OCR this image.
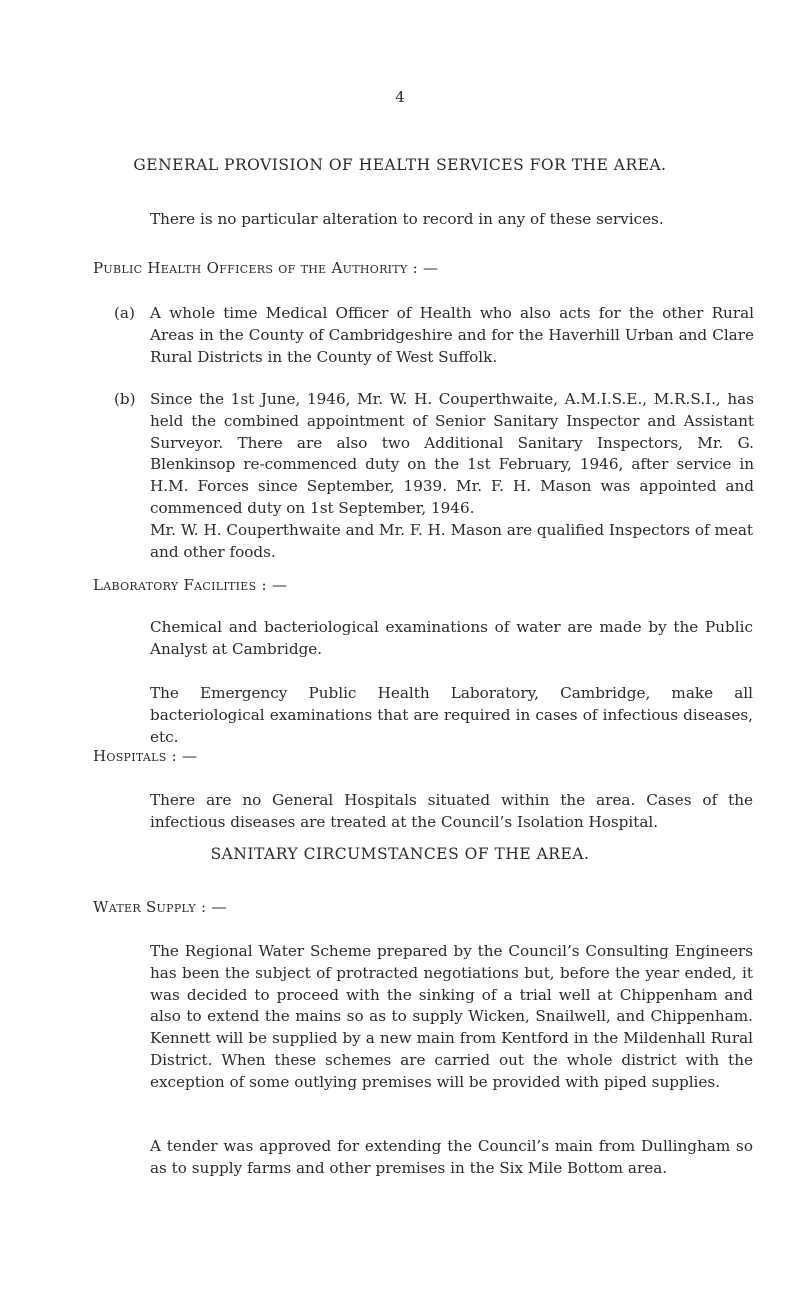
4
GENERAL PROVISION OF HEALTH SERVICES FOR THE AREA.
There is no particular alteration to record in any of these services.
Public Health Officers of the Authority : —
(a) A whole time Medical Officer of Health who also acts for the other Rural Areas in the County of Cambridgeshire and for the Haverhill Urban and Clare Rural Districts in the County of West Suffolk.
(b) Since the 1st June, 1946, Mr. W. H. Couperthwaite, A.M.I.S.E., M.R.S.I., has held the combined appointment of Senior Sanitary Inspector and Assistant Surveyor. There are also two Additional Sanitary Inspectors, Mr. G. Blenkinsop re-commenced duty on the 1st February, 1946, after service in H.M. Forces since September, 1939. Mr. F. H. Mason was appointed and commenced duty on 1st September, 1946.
Mr. W. H. Couperthwaite and Mr. F. H. Mason are qualified Inspectors of meat and other foods.
Laboratory Facilities : —
Chemical and bacteriological examinations of water are made by the Public Analyst at Cambridge.
The Emergency Public Health Laboratory, Cambridge, make all bacteriological examinations that are required in cases of infectious diseases, etc.
Hospitals : —
There are no General Hospitals situated within the area. Cases of the infectious diseases are treated at the Council’s Isolation Hospital.
SANITARY CIRCUMSTANCES OF THE AREA.
Water Supply : —
The Regional Water Scheme prepared by the Council’s Consulting Engineers has been the subject of protracted negotiations but, before the year ended, it was decided to proceed with the sinking of a trial well at Chippenham and also to extend the mains so as to supply Wicken, Snailwell, and Chippenham. Kennett will be supplied by a new main from Kentford in the Mildenhall Rural District. When these schemes are carried out the whole district with the exception of some outlying premises will be provided with piped supplies.
A tender was approved for extending the Council’s main from Dullingham so as to supply farms and other premises in the Six Mile Bottom area.
